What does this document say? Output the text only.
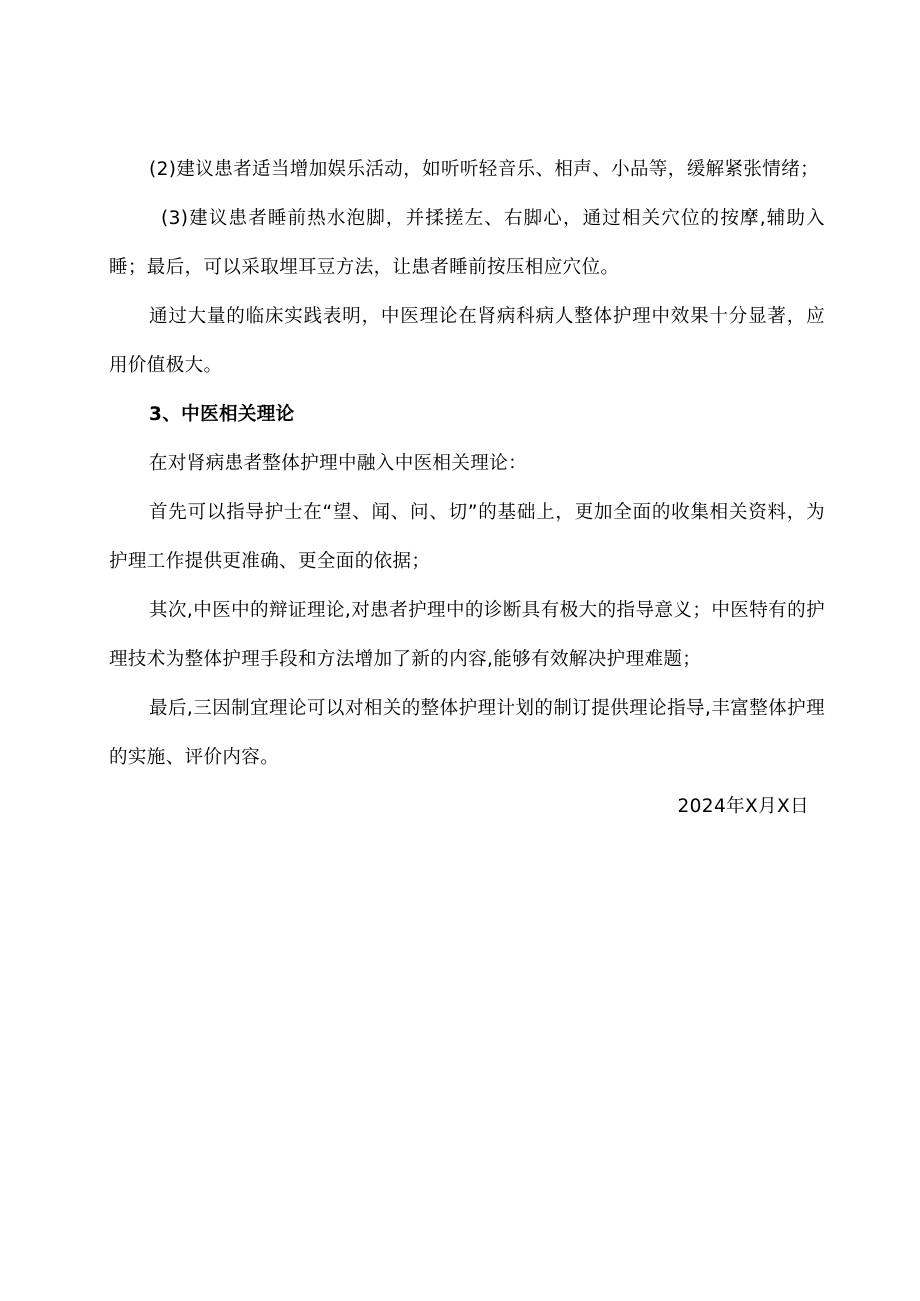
(2)建议患者适当增加娱乐活动，如听听轻音乐、相声、小品等，缓解紧张情绪；

(3)建议患者睡前热水泡脚，并揉搓左、右脚心，通过相关穴位的按摩,辅助入睡；最后，可以采取埋耳豆方法，让患者睡前按压相应穴位。

通过大量的临床实践表明，中医理论在肾病科病人整体护理中效果十分显著，应用价值极大。

3、中医相关理论

在对肾病患者整体护理中融入中医相关理论：

首先可以指导护士在“望、闻、问、切”的基础上，更加全面的收集相关资料，为护理工作提供更准确、更全面的依据；

其次,中医中的辩证理论,对患者护理中的诊断具有极大的指导意义；中医特有的护理技术为整体护理手段和方法增加了新的内容,能够有效解决护理难题；

最后,三因制宜理论可以对相关的整体护理计划的制订提供理论指导,丰富整体护理的实施、评价内容。

2024年X月X日
